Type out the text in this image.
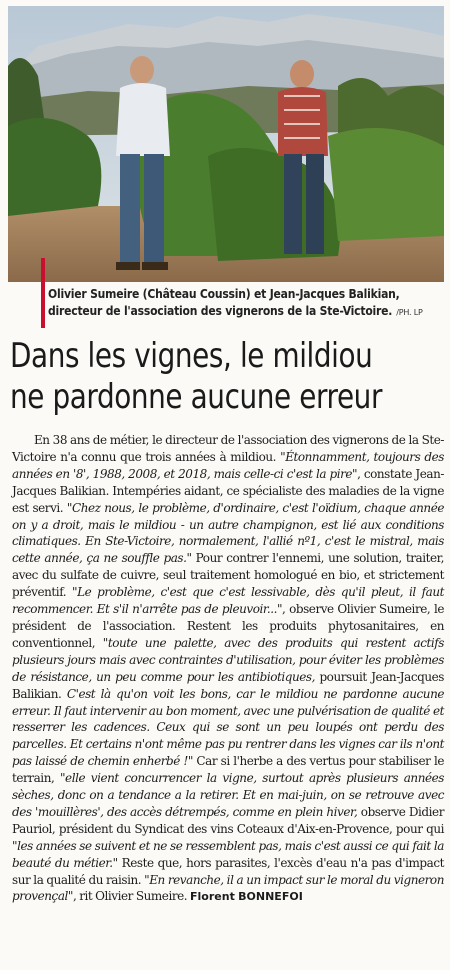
Olivier Sumeire (Château Coussin) et Jean-Jacques Balikian, directeur de l'association des vignerons de la Ste-Victoire. /PH. LP
Dans les vignes, le mildiou
ne pardonne aucune erreur
En 38 ans de métier, le directeur de l'association des vignerons de la Ste-Victoire n'a connu que trois années à mildiou. "Étonnamment, toujours des années en '8', 1988, 2008, et 2018, mais celle-ci c'est la pire", constate Jean-Jacques Balikian. Intempéries aidant, ce spécialiste des maladies de la vigne est servi. "Chez nous, le problème, d'ordinaire, c'est l'oïdium, chaque année on y a droit, mais le mildiou - un autre champignon, est lié aux conditions climatiques. En Ste-Victoire, normalement, l'allié nº1, c'est le mistral, mais cette année, ça ne souffle pas." Pour contrer l'ennemi, une solution, traiter, avec du sulfate de cuivre, seul traitement homologué en bio, et strictement préventif. "Le problème, c'est que c'est lessivable, dès qu'il pleut, il faut recommencer. Et s'il n'arrête pas de pleuvoir...", observe Olivier Sumeire, le président de l'association. Restent les produits phytosanitaires, en conventionnel, "toute une palette, avec des produits qui restent actifs plusieurs jours mais avec contraintes d'utilisation, pour éviter les problèmes de résistance, un peu comme pour les antibiotiques, poursuit Jean-Jacques Balikian. C'est là qu'on voit les bons, car le mildiou ne pardonne aucune erreur. Il faut intervenir au bon moment, avec une pulvérisation de qualité et resserrer les cadences. Ceux qui se sont un peu loupés ont perdu des parcelles. Et certains n'ont même pas pu rentrer dans les vignes car ils n'ont pas laissé de chemin enherbé !" Car si l'herbe a des vertus pour stabiliser le terrain, "elle vient concurrencer la vigne, surtout après plusieurs années sèches, donc on a tendance a la retirer. Et en mai-juin, on se retrouve avec des 'mouillères', des accès détrempés, comme en plein hiver, observe Didier Pauriol, président du Syndicat des vins Coteaux d'Aix-en-Provence, pour qui "les années se suivent et ne se ressemblent pas, mais c'est aussi ce qui fait la beauté du métier." Reste que, hors parasites, l'excès d'eau n'a pas d'impact sur la qualité du raisin. "En revanche, il a un impact sur le moral du vigneron provençal", rit Olivier Sumeire. Florent BONNEFOI
